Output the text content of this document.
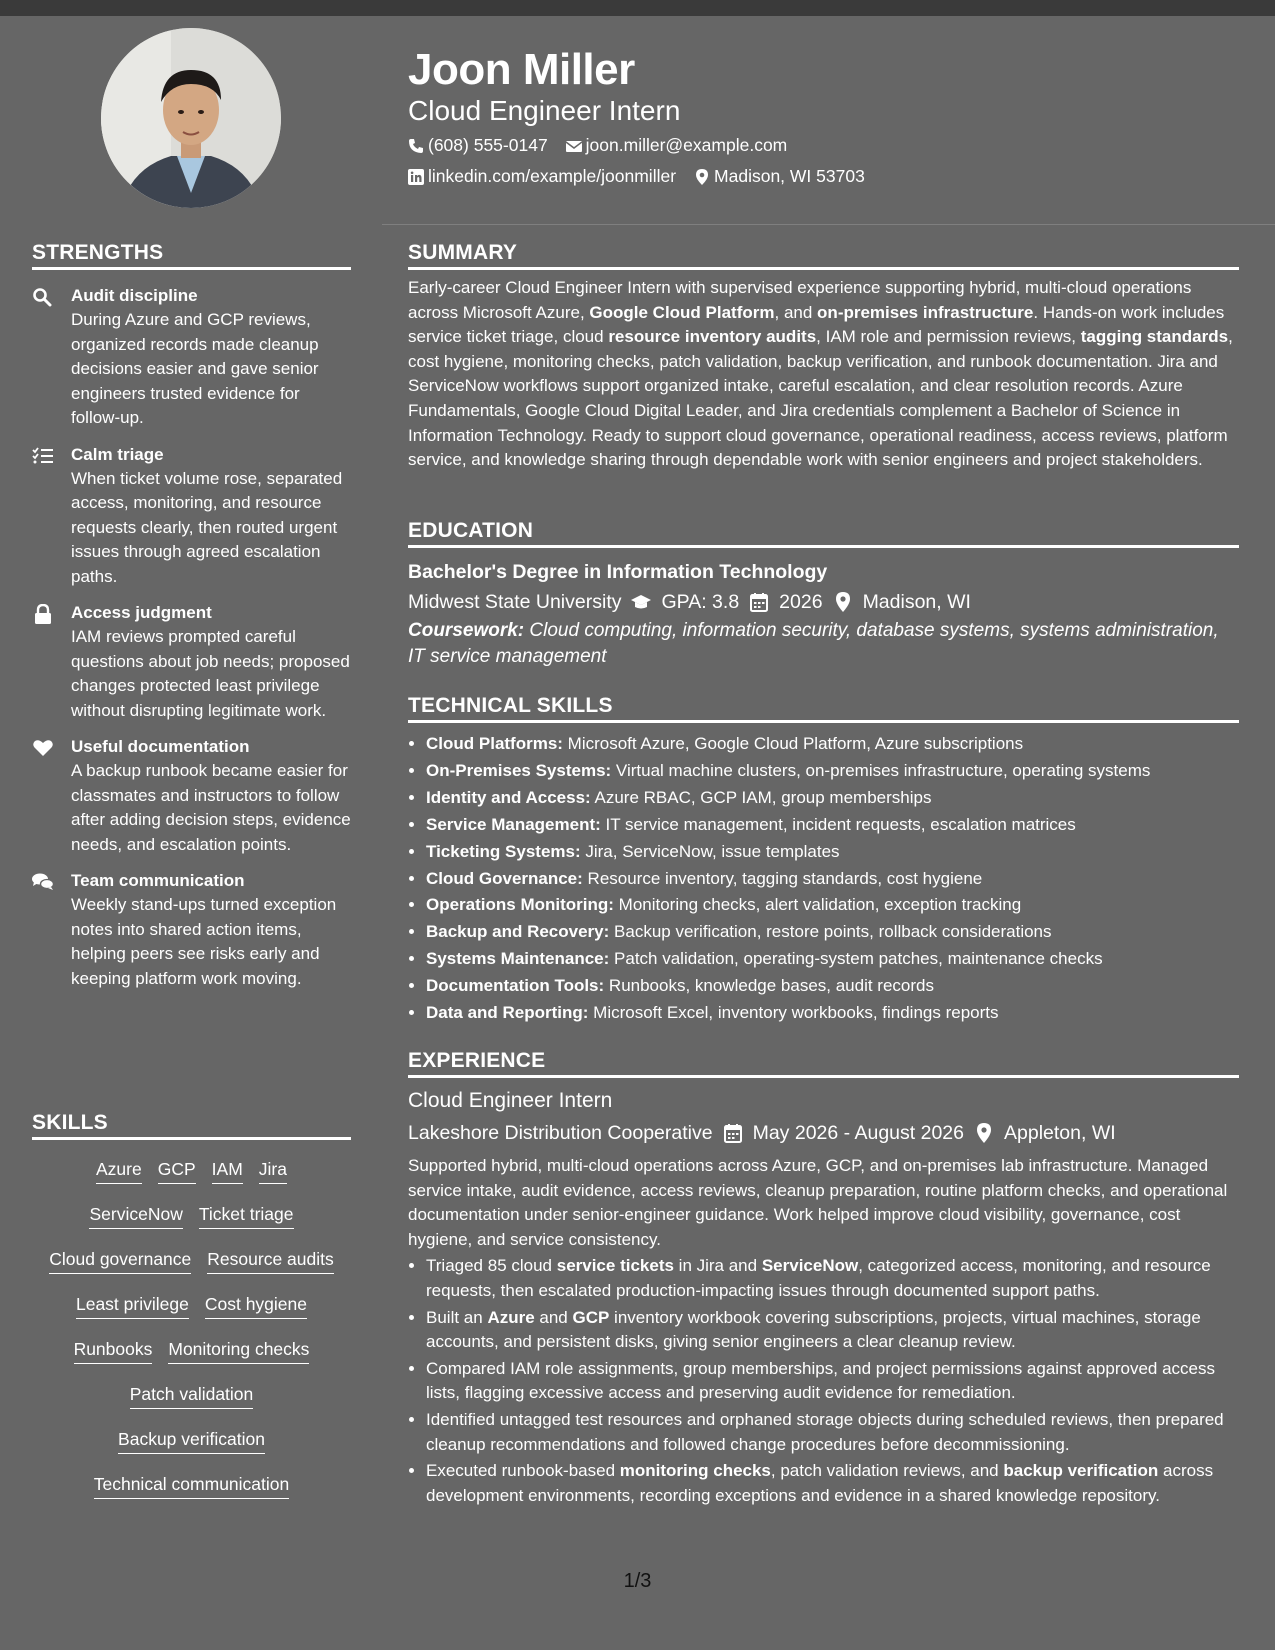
Joon Miller
Cloud Engineer Intern
(608) 555-0147 joon.miller@example.com
linkedin.com/example/joonmiller Madison, WI 53703
STRENGTHS
Audit discipline
During Azure and GCP reviews, organized records made cleanup decisions easier and gave senior engineers trusted evidence for follow-up.
Calm triage
When ticket volume rose, separated access, monitoring, and resource requests clearly, then routed urgent issues through agreed escalation paths.
Access judgment
IAM reviews prompted careful questions about job needs; proposed changes protected least privilege without disrupting legitimate work.
Useful documentation
A backup runbook became easier for classmates and instructors to follow after adding decision steps, evidence needs, and escalation points.
Team communication
Weekly stand-ups turned exception notes into shared action items, helping peers see risks early and keeping platform work moving.
SKILLS
Azure GCP IAM Jira
ServiceNow Ticket triage
Cloud governance Resource audits
Least privilege Cost hygiene
Runbooks Monitoring checks
Patch validation
Backup verification
Technical communication
SUMMARY

Early-career Cloud Engineer Intern with supervised experience supporting hybrid, multi-cloud operations across Microsoft Azure, Google Cloud Platform, and on-premises infrastructure. Hands-on work includes service ticket triage, cloud resource inventory audits, IAM role and permission reviews, tagging standards, cost hygiene, monitoring checks, patch validation, backup verification, and runbook documentation. Jira and ServiceNow workflows support organized intake, careful escalation, and clear resolution records. Azure Fundamentals, Google Cloud Digital Leader, and Jira credentials complement a Bachelor of Science in Information Technology. Ready to support cloud governance, operational readiness, access reviews, platform service, and knowledge sharing through dependable work with senior engineers and project stakeholders.

EDUCATION
Bachelor's Degree in Information Technology
Midwest State University GPA: 3.8 2026 Madison, WI
Coursework: Cloud computing, information security, database systems, systems administration, IT service management
TECHNICAL SKILLS
• Cloud Platforms: Microsoft Azure, Google Cloud Platform, Azure subscriptions
• On-Premises Systems: Virtual machine clusters, on-premises infrastructure, operating systems
• Identity and Access: Azure RBAC, GCP IAM, group memberships
• Service Management: IT service management, incident requests, escalation matrices
• Ticketing Systems: Jira, ServiceNow, issue templates
• Cloud Governance: Resource inventory, tagging standards, cost hygiene
• Operations Monitoring: Monitoring checks, alert validation, exception tracking
• Backup and Recovery: Backup verification, restore points, rollback considerations
• Systems Maintenance: Patch validation, operating-system patches, maintenance checks
• Documentation Tools: Runbooks, knowledge bases, audit records
• Data and Reporting: Microsoft Excel, inventory workbooks, findings reports
EXPERIENCE
Cloud Engineer Intern
Lakeshore Distribution Cooperative May 2026 - August 2026 Appleton, WI

Supported hybrid, multi-cloud operations across Azure, GCP, and on-premises lab infrastructure. Managed service intake, audit evidence, access reviews, cleanup preparation, routine platform checks, and operational documentation under senior-engineer guidance. Work helped improve cloud visibility, governance, cost hygiene, and service consistency.

• Triaged 85 cloud service tickets in Jira and ServiceNow, categorized access, monitoring, and resource requests, then escalated production-impacting issues through documented support paths.
• Built an Azure and GCP inventory workbook covering subscriptions, projects, virtual machines, storage accounts, and persistent disks, giving senior engineers a clear cleanup review.
• Compared IAM role assignments, group memberships, and project permissions against approved access lists, flagging excessive access and preserving audit evidence for remediation.
• Identified untagged test resources and orphaned storage objects during scheduled reviews, then prepared cleanup recommendations and followed change procedures before decommissioning.
• Executed runbook-based monitoring checks, patch validation reviews, and backup verification across development environments, recording exceptions and evidence in a shared knowledge repository.
1/3
